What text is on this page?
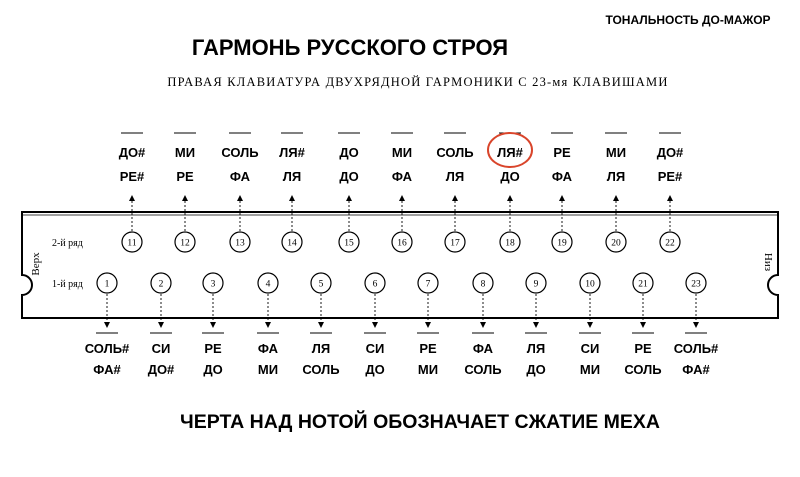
ТОНАЛЬНОСТЬ ДО-МАЖОР
ГАРМОНЬ РУССКОГО СТРОЯ
ПРАВАЯ КЛАВИАТУРА ДВУХРЯДНОЙ ГАРМОНИКИ С 23-мя КЛАВИШАМИ
Верх	Низ
2-й ряд
1-й ряд
ДО#
РЕ#
11
МИ
РЕ
12
СОЛЬ
ФА
13
ЛЯ#
ЛЯ
14
ДО
ДО
15
МИ
ФА
16
СОЛЬ
ЛЯ
17
ЛЯ#
ДО
18
РЕ
ФА
19
МИ
ЛЯ
20
ДО#
РЕ#
22
1
СОЛЬ#
ФА#
2
СИ
ДО#
3
РЕ
ДО
4
ФА
МИ
5
ЛЯ
СОЛЬ
6
СИ
ДО
7
РЕ
МИ
8
ФА
СОЛЬ
9
ЛЯ
ДО
10
СИ
МИ
21
РЕ
СОЛЬ
23
СОЛЬ#
ФА#
ЧЕРТА НАД НОТОЙ ОБОЗНАЧАЕТ СЖАТИЕ МЕХА
